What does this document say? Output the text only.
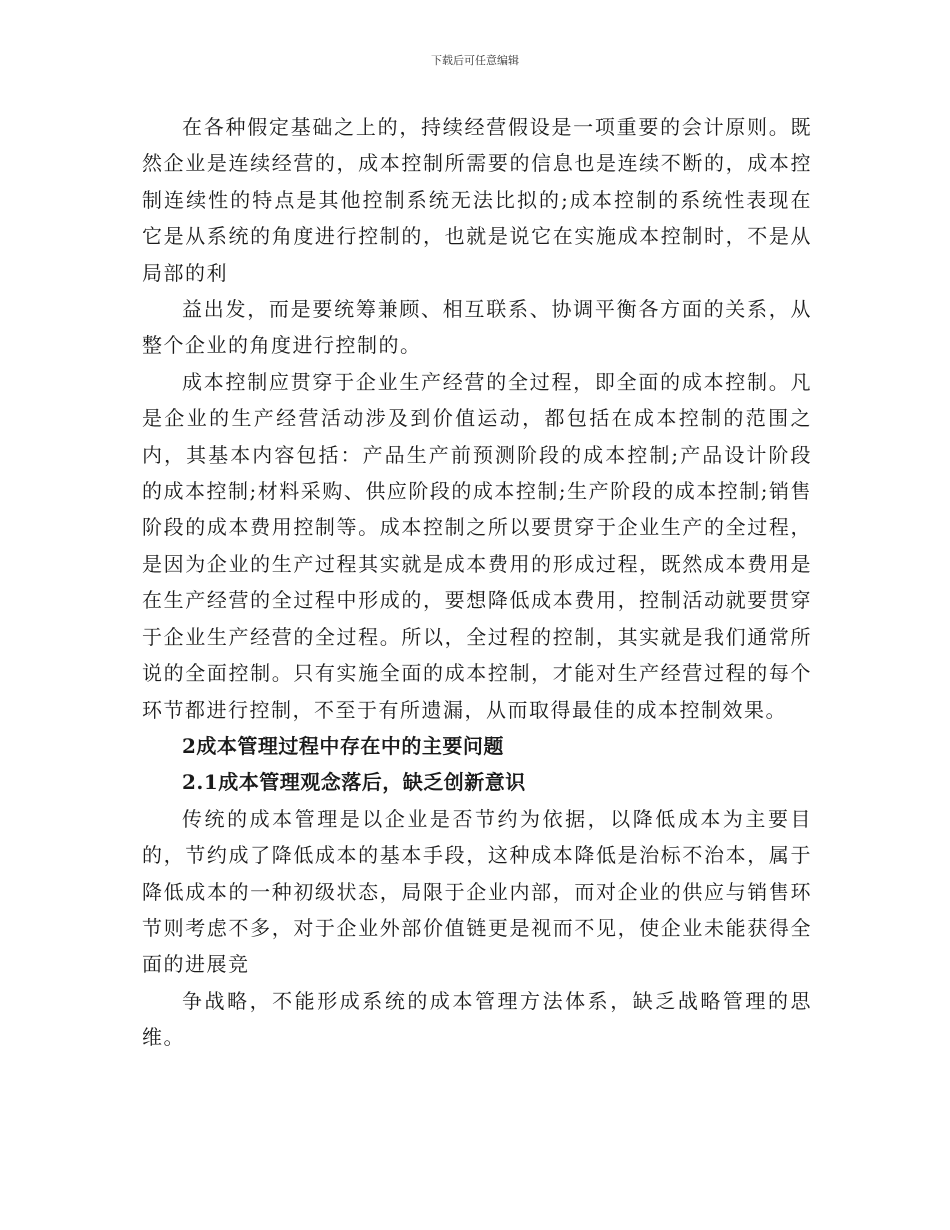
下载后可任意编辑

在各种假定基础之上的，持续经营假设是一项重要的会计原则。既然企业是连续经营的，成本控制所需要的信息也是连续不断的，成本控制连续性的特点是其他控制系统无法比拟的;成本控制的系统性表现在它是从系统的角度进行控制的，也就是说它在实施成本控制时，不是从局部的利

益出发，而是要统筹兼顾、相互联系、协调平衡各方面的关系，从整个企业的角度进行控制的。

成本控制应贯穿于企业生产经营的全过程，即全面的成本控制。凡是企业的生产经营活动涉及到价值运动，都包括在成本控制的范围之内，其基本内容包括：产品生产前预测阶段的成本控制;产品设计阶段的成本控制;材料采购、供应阶段的成本控制;生产阶段的成本控制;销售阶段的成本费用控制等。成本控制之所以要贯穿于企业生产的全过程，是因为企业的生产过程其实就是成本费用的形成过程，既然成本费用是在生产经营的全过程中形成的，要想降低成本费用，控制活动就要贯穿于企业生产经营的全过程。所以，全过程的控制，其实就是我们通常所说的全面控制。只有实施全面的成本控制，才能对生产经营过程的每个环节都进行控制，不至于有所遗漏，从而取得最佳的成本控制效果。

2成本管理过程中存在中的主要问题

2.1成本管理观念落后，缺乏创新意识

传统的成本管理是以企业是否节约为依据，以降低成本为主要目的，节约成了降低成本的基本手段，这种成本降低是治标不治本，属于降低成本的一种初级状态，局限于企业内部，而对企业的供应与销售环节则考虑不多，对于企业外部价值链更是视而不见，使企业未能获得全面的进展竞

争战略，不能形成系统的成本管理方法体系，缺乏战略管理的思维。
